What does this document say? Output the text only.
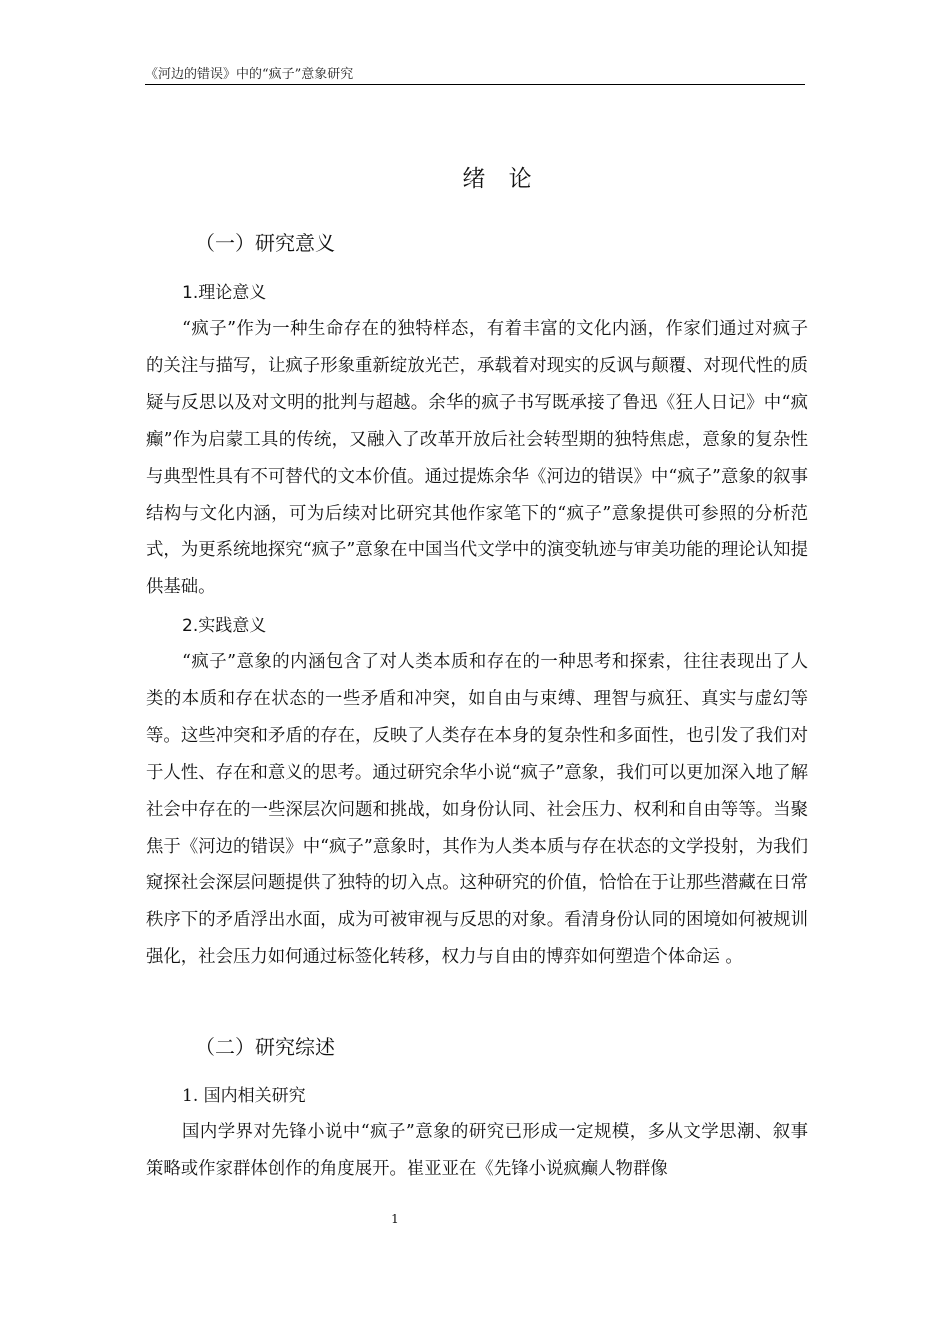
《河边的错误》中的“疯子”意象研究
绪 论
（一）研究意义
1.理论意义

“疯子”作为一种生命存在的独特样态，有着丰富的文化内涵，作家们通过对疯子的关注与描写，让疯子形象重新绽放光芒，承载着对现实的反讽与颠覆、对现代性的质疑与反思以及对文明的批判与超越。余华的疯子书写既承接了鲁迅《狂人日记》中“疯癫”作为启蒙工具的传统，又融入了改革开放后社会转型期的独特焦虑，意象的复杂性与典型性具有不可替代的文本价值。通过提炼余华《河边的错误》中“疯子”意象的叙事结构与文化内涵，可为后续对比研究其他作家笔下的“疯子”意象提供可参照的分析范式，为更系统地探究“疯子”意象在中国当代文学中的演变轨迹与审美功能的理论认知提供基础。

2.实践意义

“疯子”意象的内涵包含了对人类本质和存在的一种思考和探索，往往表现出了人类的本质和存在状态的一些矛盾和冲突，如自由与束缚、理智与疯狂、真实与虚幻等等。这些冲突和矛盾的存在，反映了人类存在本身的复杂性和多面性，也引发了我们对于人性、存在和意义的思考。通过研究余华小说“疯子”意象，我们可以更加深入地了解社会中存在的一些深层次问题和挑战，如身份认同、社会压力、权利和自由等等。当聚焦于《河边的错误》中“疯子”意象时，其作为人类本质与存在状态的文学投射，为我们窥探社会深层问题提供了独特的切入点。这种研究的价值，恰恰在于让那些潜藏在日常秩序下的矛盾浮出水面，成为可被审视与反思的对象。看清身份认同的困境如何被规训强化，社会压力如何通过标签化转移，权力与自由的博弈如何塑造个体命运 。

（二）研究综述
1. 国内相关研究

国内学界对先锋小说中“疯子”意象的研究已形成一定规模，多从文学思潮、叙事策略或作家群体创作的角度展开。崔亚亚在《先锋小说疯癫人物群像

1
